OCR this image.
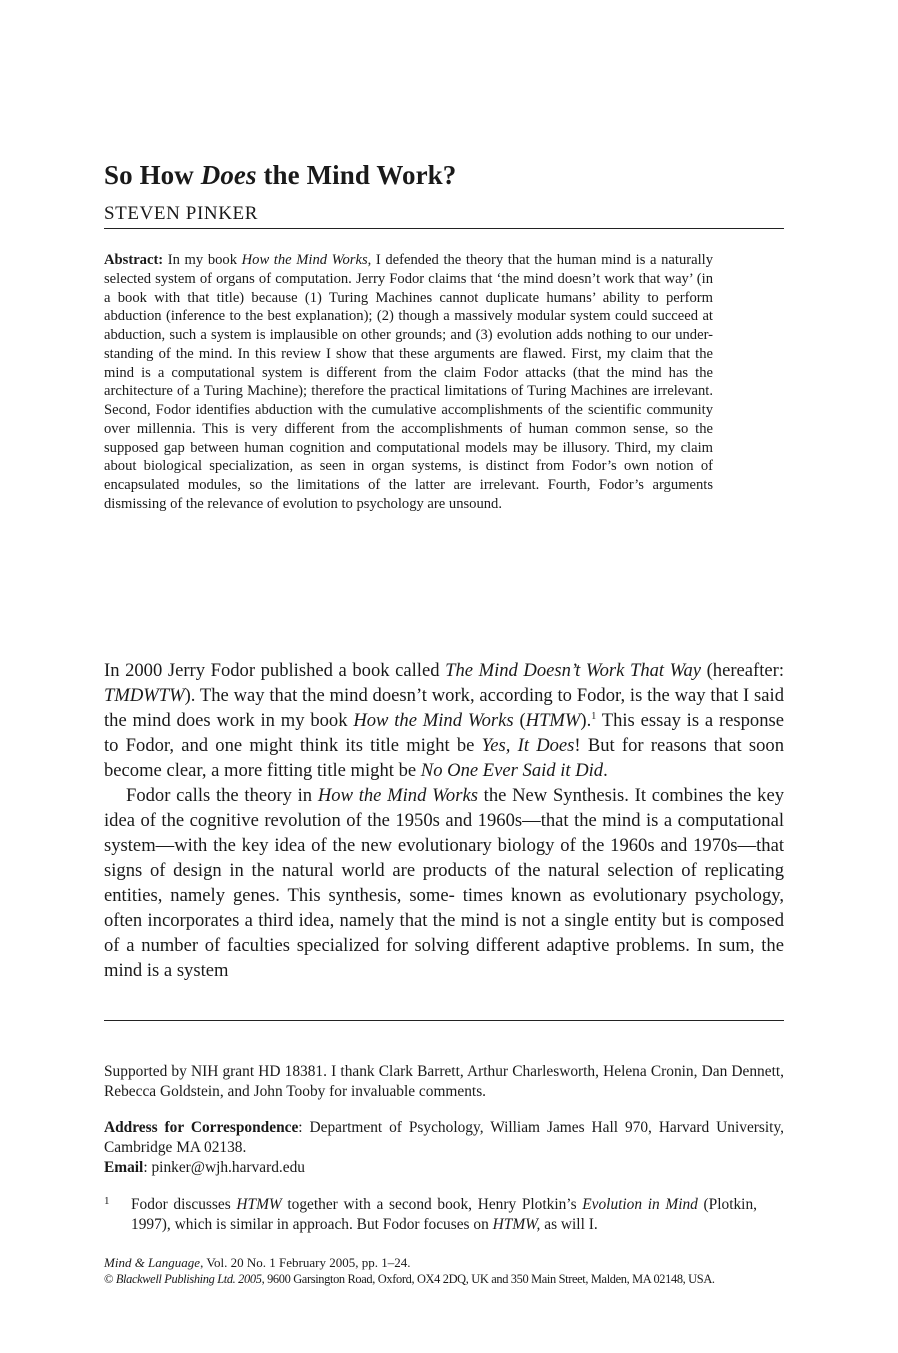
So How Does the Mind Work?
STEVEN PINKER

Abstract: In my book How the Mind Works, I defended the theory that the human mind is a naturally selected system of organs of computation. Jerry Fodor claims that ‘the mind doesn’t work that way’ (in a book with that title) because (1) Turing Machines cannot duplicate humans’ ability to perform abduction (inference to the best explanation); (2) though a massively modular system could succeed at abduction, such a system is implausible on other grounds; and (3) evolution adds nothing to our under- standing of the mind. In this review I show that these arguments are flawed. First, my claim that the mind is a computational system is different from the claim Fodor attacks (that the mind has the architecture of a Turing Machine); therefore the practical limitations of Turing Machines are irrelevant. Second, Fodor identifies abduction with the cumulative accomplishments of the scientific community over millennia. This is very different from the accomplishments of human common sense, so the supposed gap between human cognition and computational models may be illusory. Third, my claim about biological specialization, as seen in organ systems, is distinct from Fodor’s own notion of encapsulated modules, so the limitations of the latter are irrelevant. Fourth, Fodor’s arguments dismissing of the relevance of evolution to psychology are unsound.

In 2000 Jerry Fodor published a book called The Mind Doesn’t Work That Way (hereafter: TMDWTW). The way that the mind doesn’t work, according to Fodor, is the way that I said the mind does work in my book How the Mind Works (HTMW).$^1$ This essay is a response to Fodor, and one might think its title might be Yes, It Does! But for reasons that soon become clear, a more fitting title might be No One Ever Said it Did.

Fodor calls the theory in How the Mind Works the New Synthesis. It combines the key idea of the cognitive revolution of the 1950s and 1960s—that the mind is a computational system—with the key idea of the new evolutionary biology of the 1960s and 1970s—that signs of design in the natural world are products of the natural selection of replicating entities, namely genes. This synthesis, some- times known as evolutionary psychology, often incorporates a third idea, namely that the mind is not a single entity but is composed of a number of faculties specialized for solving different adaptive problems. In sum, the mind is a system

Supported by NIH grant HD 18381. I thank Clark Barrett, Arthur Charlesworth, Helena Cronin, Dan Dennett, Rebecca Goldstein, and John Tooby for invaluable comments.

Address for Correspondence: Department of Psychology, William James Hall 970, Harvard University, Cambridge MA 02138.
Email: pinker@wjh.harvard.edu

1 Fodor discusses HTMW together with a second book, Henry Plotkin’s Evolution in Mind (Plotkin, 1997), which is similar in approach. But Fodor focuses on HTMW, as will I.

Mind & Language, Vol. 20 No. 1 February 2005, pp. 1–24.
© Blackwell Publishing Ltd. 2005, 9600 Garsington Road, Oxford, OX4 2DQ, UK and 350 Main Street, Malden, MA 02148, USA.
